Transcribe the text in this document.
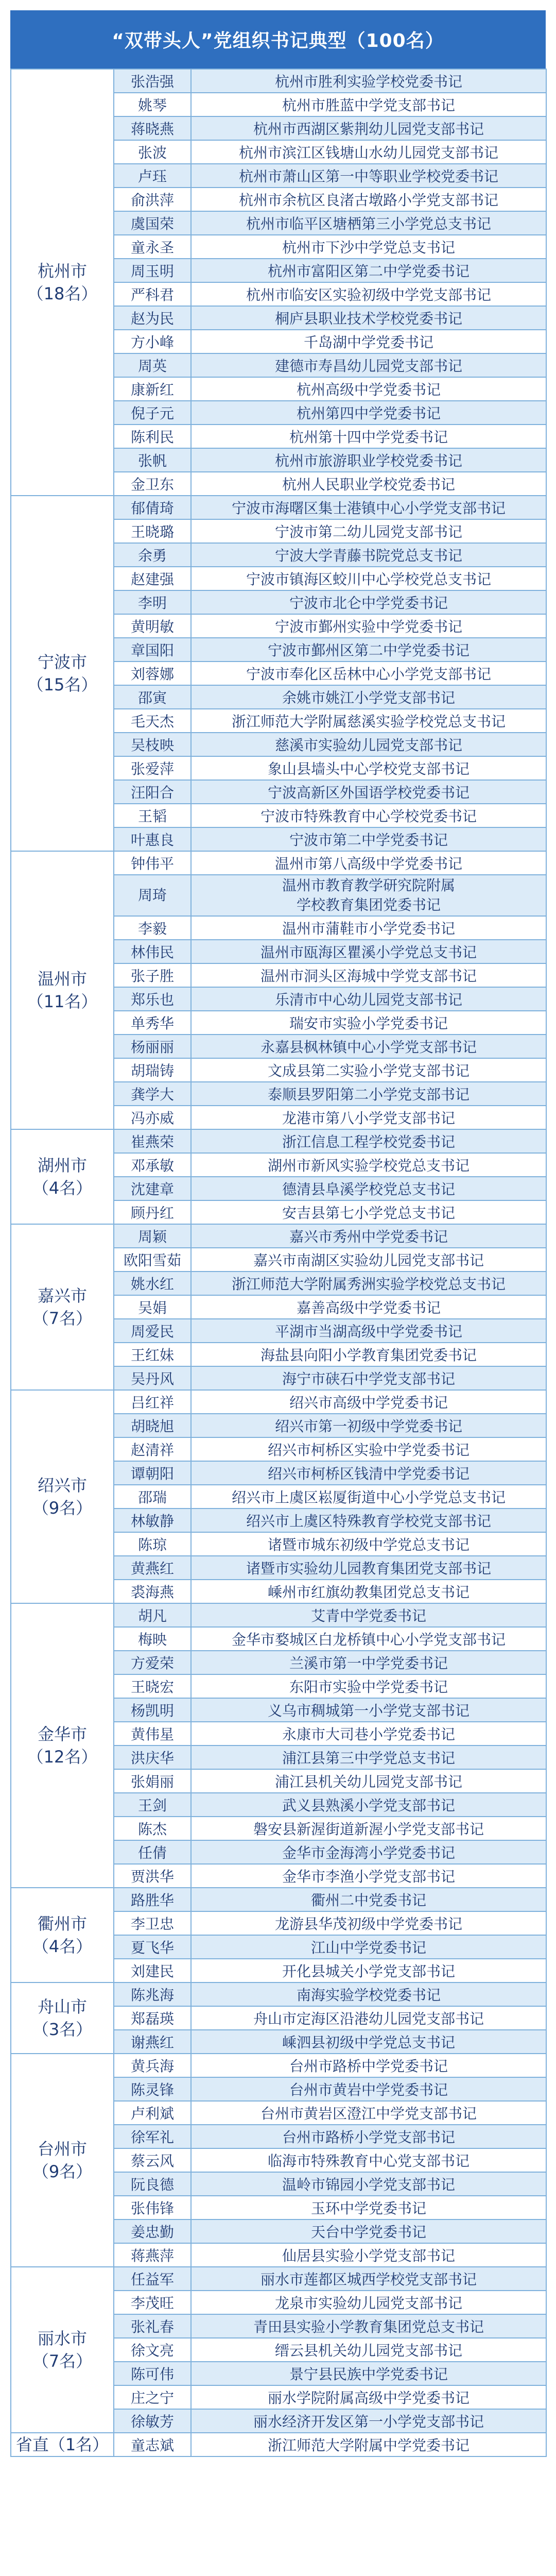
“双带头人”党组织书记典型（100名）
杭州市
（18名）	张浩强	杭州市胜利实验学校党委书记
	姚琴	杭州市胜蓝中学党支部书记
	蒋晓燕	杭州市西湖区紫荆幼儿园党支部书记
	张波	杭州市滨江区钱塘山水幼儿园党支部书记
	卢珏	杭州市萧山区第一中等职业学校党委书记
	俞洪萍	杭州市余杭区良渚古墩路小学党支部书记
	虞国荣	杭州市临平区塘栖第三小学党总支书记
	童永圣	杭州市下沙中学党总支书记
	周玉明	杭州市富阳区第二中学党委书记
	严科君	杭州市临安区实验初级中学党支部书记
	赵为民	桐庐县职业技术学校党委书记
	方小峰	千岛湖中学党委书记
	周英	建德市寿昌幼儿园党支部书记
	康新红	杭州高级中学党委书记
	倪子元	杭州第四中学党委书记
	陈利民	杭州第十四中学党委书记
	张帆	杭州市旅游职业学校党委书记
	金卫东	杭州人民职业学校党委书记

宁波市
（15名）	郁倩琦	宁波市海曙区集士港镇中心小学党支部书记
	王晓璐	宁波市第二幼儿园党支部书记
	余勇	宁波大学青藤书院党总支书记
	赵建强	宁波市镇海区蛟川中心学校党总支书记
	李明	宁波市北仑中学党委书记
	黄明敏	宁波市鄞州实验中学党委书记
	章国阳	宁波市鄞州区第二中学党委书记
	刘蓉娜	宁波市奉化区岳林中心小学党支部书记
	邵寅	余姚市姚江小学党支部书记
	毛天杰	浙江师范大学附属慈溪实验学校党总支书记
	吴枝映	慈溪市实验幼儿园党支部书记
	张爱萍	象山县墙头中心学校党支部书记
	汪阳合	宁波高新区外国语学校党委书记
	王韬	宁波市特殊教育中心学校党委书记
	叶惠良	宁波市第二中学党委书记

温州市
（11名）	钟伟平	温州市第八高级中学党委书记
	周琦	温州市教育教学研究院附属
学校教育集团党委书记
	李毅	温州市蒲鞋市小学党委书记
	林伟民	温州市瓯海区瞿溪小学党总支书记
	张子胜	温州市洞头区海城中学党支部书记
	郑乐也	乐清市中心幼儿园党支部书记
	单秀华	瑞安市实验小学党委书记
	杨丽丽	永嘉县枫林镇中心小学党支部书记
	胡瑞铸	文成县第二实验小学党支部书记
	龚学大	泰顺县罗阳第二小学党支部书记
	冯亦威	龙港市第八小学党支部书记

湖州市
（4名）	崔燕荣	浙江信息工程学校党委书记
	邓承敏	湖州市新风实验学校党总支书记
	沈建章	德清县阜溪学校党总支书记
	顾丹红	安吉县第七小学党总支书记

嘉兴市
（7名）	周颖	嘉兴市秀州中学党委书记
	欧阳雪茹	嘉兴市南湖区实验幼儿园党支部书记
	姚水红	浙江师范大学附属秀洲实验学校党总支书记
	吴娟	嘉善高级中学党委书记
	周爱民	平湖市当湖高级中学党委书记
	王红妹	海盐县向阳小学教育集团党委书记
	吴丹风	海宁市硖石中学党支部书记

绍兴市
（9名）	吕红祥	绍兴市高级中学党委书记
	胡晓旭	绍兴市第一初级中学党委书记
	赵清祥	绍兴市柯桥区实验中学党委书记
	谭朝阳	绍兴市柯桥区钱清中学党委书记
	邵瑞	绍兴市上虞区崧厦街道中心小学党总支书记
	林敏静	绍兴市上虞区特殊教育学校党支部书记
	陈琼	诸暨市城东初级中学党总支书记
	黄燕红	诸暨市实验幼儿园教育集团党支部书记
	裘海燕	嵊州市红旗幼教集团党总支书记

金华市
（12名）	胡凡	艾青中学党委书记
	梅映	金华市婺城区白龙桥镇中心小学党支部书记
	方爱荣	兰溪市第一中学党委书记
	王晓宏	东阳市实验中学党委书记
	杨凯明	义乌市稠城第一小学党支部书记
	黄伟星	永康市大司巷小学党委书记
	洪庆华	浦江县第三中学党总支书记
	张娟丽	浦江县机关幼儿园党支部书记
	王剑	武义县熟溪小学党支部书记
	陈杰	磐安县新渥街道新渥小学党支部书记
	任倩	金华市金海湾小学党委书记
	贾洪华	金华市李渔小学党支部书记

衢州市
（4名）	路胜华	衢州二中党委书记
	李卫忠	龙游县华茂初级中学党委书记
	夏飞华	江山中学党委书记
	刘建民	开化县城关小学党支部书记

舟山市
（3名）	陈兆海	南海实验学校党委书记
	郑磊瑛	舟山市定海区沿港幼儿园党支部书记
	谢燕红	嵊泗县初级中学党总支书记

台州市
（9名）	黄兵海	台州市路桥中学党委书记
	陈灵锋	台州市黄岩中学党委书记
	卢利斌	台州市黄岩区澄江中学党支部书记
	徐军礼	台州市路桥小学党支部书记
	蔡云风	临海市特殊教育中心党支部书记
	阮良德	温岭市锦园小学党支部书记
	张伟锋	玉环中学党委书记
	姜忠勤	天台中学党委书记
	蒋燕萍	仙居县实验小学党支部书记

丽水市
（7名）	任益军	丽水市莲都区城西学校党支部书记
	李茂旺	龙泉市实验幼儿园党支部书记
	张礼春	青田县实验小学教育集团党总支书记
	徐文亮	缙云县机关幼儿园党支部书记
	陈可伟	景宁县民族中学党委书记
	庄之宁	丽水学院附属高级中学党委书记
	徐敏芳	丽水经济开发区第一小学党支部书记
省直（1名）	童志斌	浙江师范大学附属中学党委书记
